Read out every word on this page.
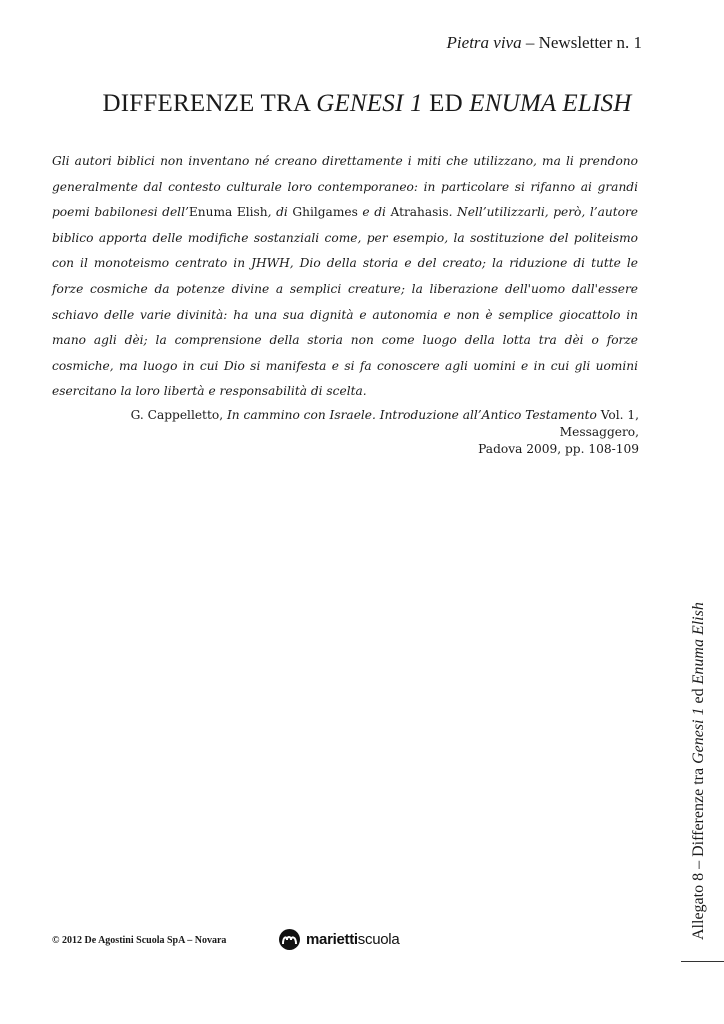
Pietra viva – Newsletter n. 1
DIFFERENZE TRA GENESI 1 ED ENUMA ELISH

Gli autori biblici non inventano né creano direttamente i miti che utilizzano, ma li prendono generalmente dal contesto culturale loro contemporaneo: in particolare si rifanno ai grandi poemi babilonesi dell’Enuma Elish, di Ghilgames e di Atrahasis. Nell’utilizzarli, però, l’autore biblico apporta delle modifiche sostanziali come, per esempio, la sostituzione del politeismo con il monoteismo centrato in JHWH, Dio della storia e del creato; la riduzione di tutte le forze cosmiche da potenze divine a semplici creature; la liberazione dell'uomo dall'essere schiavo delle varie divinità: ha una sua dignità e autonomia e non è semplice giocattolo in mano agli dèi; la comprensione della storia non come luogo della lotta tra dèi o forze cosmiche, ma luogo in cui Dio si manifesta e si fa conoscere agli uomini e in cui gli uomini esercitano la loro libertà e responsabilità di scelta.

G. Cappelletto, In cammino con Israele. Introduzione all’Antico Testamento Vol. 1, Messaggero,
Padova 2009, pp. 108-109

Allegato 8 – Differenze tra Genesi 1 ed Enuma Elish
© 2012 De Agostini Scuola SpA – Novara	mariettiscuola
